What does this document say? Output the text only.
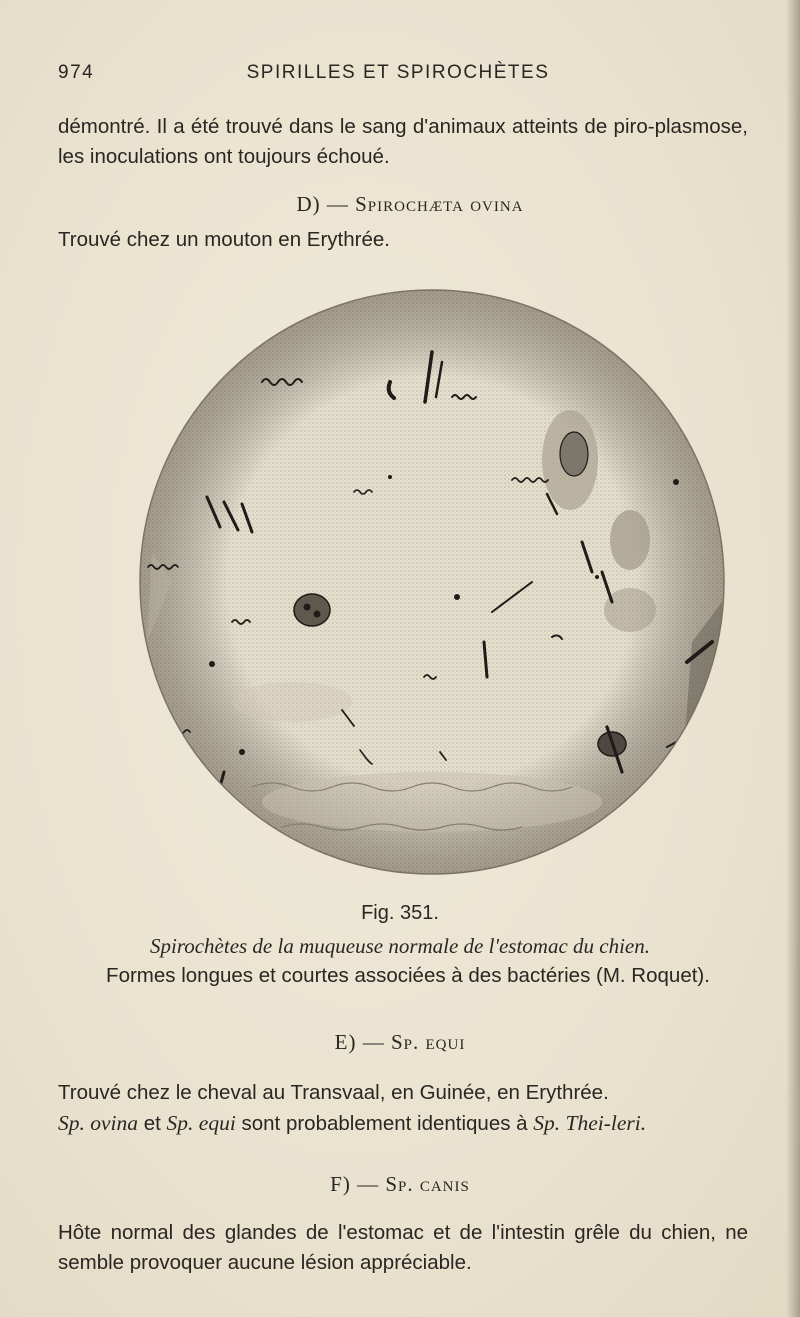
974	SPIRILLES ET SPIROCHÈTES
démontré. Il a été trouvé dans le sang d'animaux atteints de piro-plasmose, les inoculations ont toujours échoué.
D) — Spirochæta ovina
Trouvé chez un mouton en Erythrée.
Fig. 351.
Spirochètes de la muqueuse normale de l'estomac du chien.
Formes longues et courtes associées à des bactéries (M. Roquet).
E) — Sp. equi
Trouvé chez le cheval au Transvaal, en Guinée, en Erythrée.
Sp. ovina et Sp. equi sont probablement identiques à Sp. Thei-leri.
F) — Sp. canis
Hôte normal des glandes de l'estomac et de l'intestin grêle du chien, ne semble provoquer aucune lésion appréciable.
